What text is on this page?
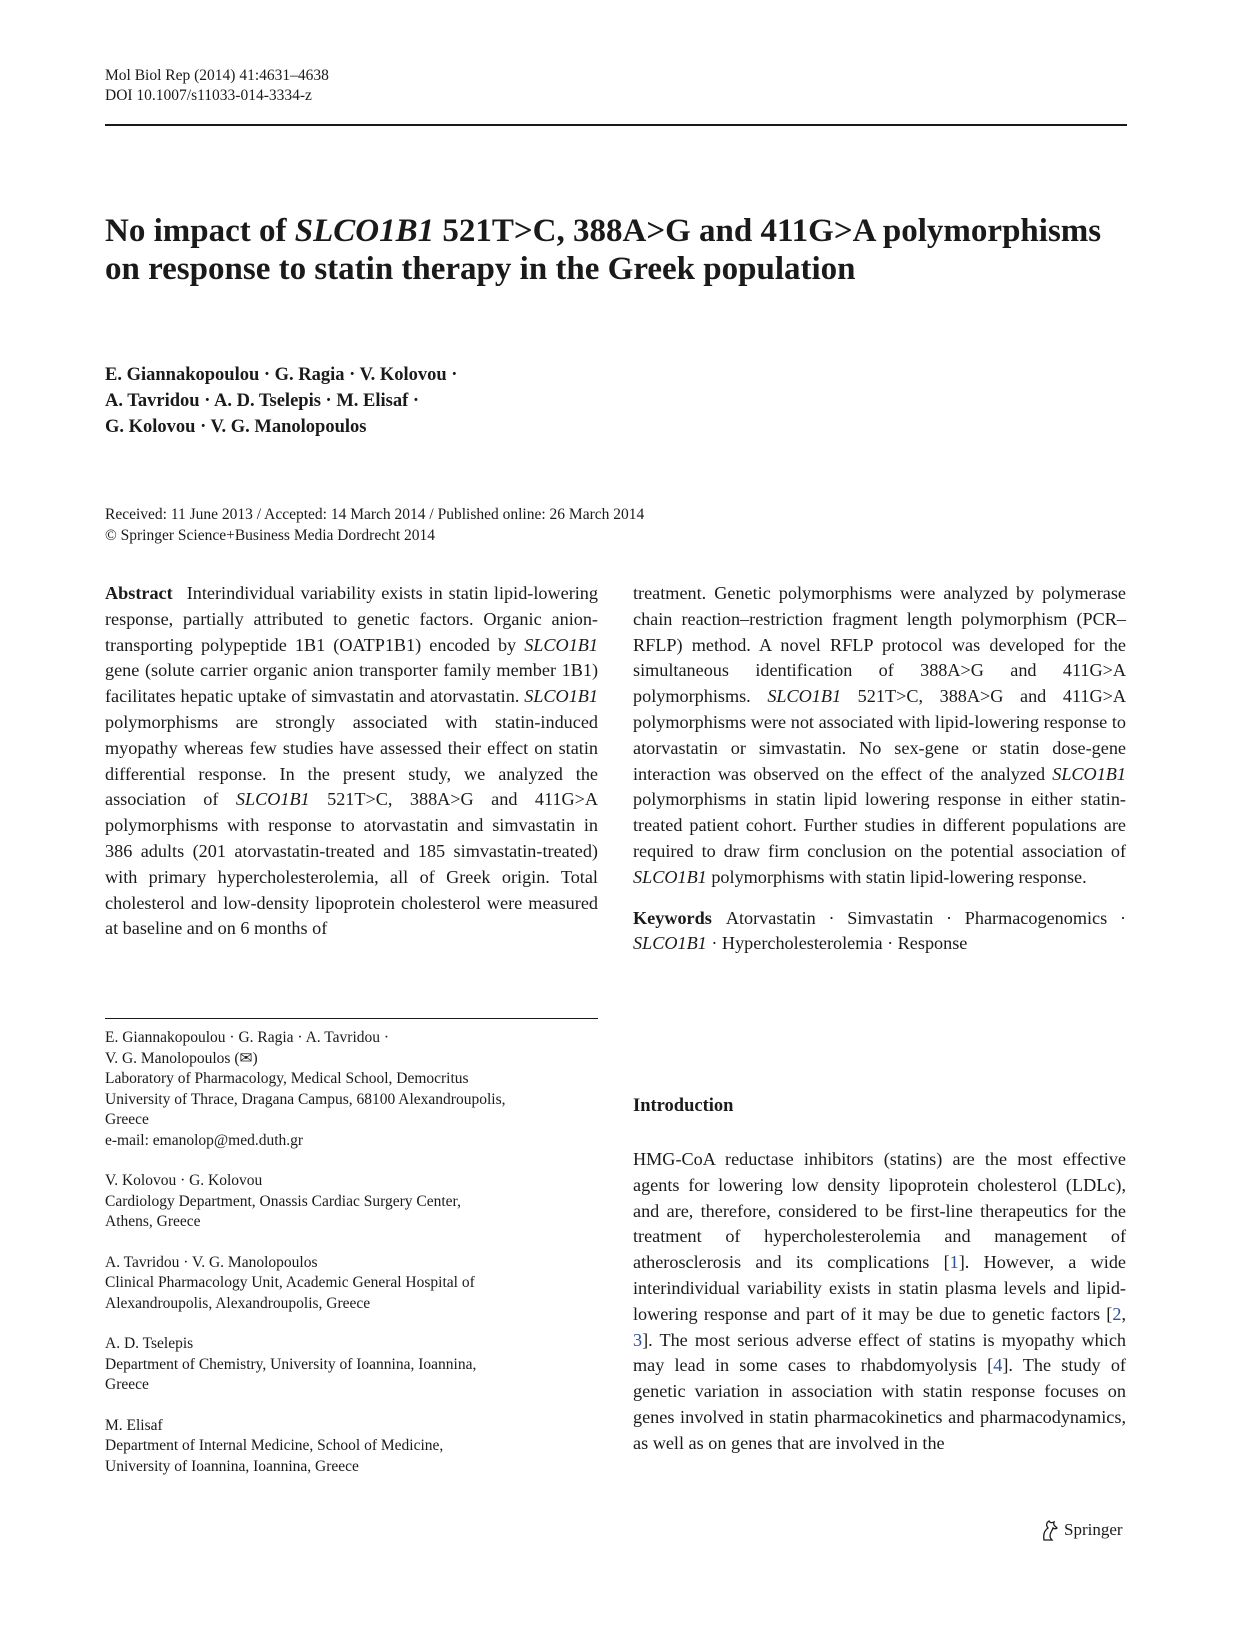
Mol Biol Rep (2014) 41:4631–4638
DOI 10.1007/s11033-014-3334-z
No impact of SLCO1B1 521T>C, 388A>G and 411G>A polymorphisms on response to statin therapy in the Greek population
E. Giannakopoulou · G. Ragia · V. Kolovou ·
A. Tavridou · A. D. Tselepis · M. Elisaf ·
G. Kolovou · V. G. Manolopoulos
Received: 11 June 2013 / Accepted: 14 March 2014 / Published online: 26 March 2014
© Springer Science+Business Media Dordrecht 2014

Abstract Interindividual variability exists in statin lipid-lowering response, partially attributed to genetic factors. Organic anion-transporting polypeptide 1B1 (OATP1B1) encoded by SLCO1B1 gene (solute carrier organic anion transporter family member 1B1) facilitates hepatic uptake of simvastatin and atorvastatin. SLCO1B1 polymorphisms are strongly associated with statin-induced myopathy whereas few studies have assessed their effect on statin differential response. In the present study, we analyzed the association of SLCO1B1 521T>C, 388A>G and 411G>A polymorphisms with response to atorvastatin and simvastatin in 386 adults (201 atorvastatin-treated and 185 simvastatin-treated) with primary hypercholesterolemia, all of Greek origin. Total cholesterol and low-density lipoprotein cholesterol were measured at baseline and on 6 months of

E. Giannakopoulou · G. Ragia · A. Tavridou ·
V. G. Manolopoulos (✉)
Laboratory of Pharmacology, Medical School, Democritus
University of Thrace, Dragana Campus, 68100 Alexandroupolis,
Greece
e-mail: emanolop@med.duth.gr
V. Kolovou · G. Kolovou
Cardiology Department, Onassis Cardiac Surgery Center,
Athens, Greece
A. Tavridou · V. G. Manolopoulos
Clinical Pharmacology Unit, Academic General Hospital of
Alexandroupolis, Alexandroupolis, Greece
A. D. Tselepis
Department of Chemistry, University of Ioannina, Ioannina,
Greece
M. Elisaf
Department of Internal Medicine, School of Medicine,
University of Ioannina, Ioannina, Greece

treatment. Genetic polymorphisms were analyzed by polymerase chain reaction–restriction fragment length polymorphism (PCR–RFLP) method. A novel RFLP protocol was developed for the simultaneous identification of 388A>G and 411G>A polymorphisms. SLCO1B1 521T>C, 388A>G and 411G>A polymorphisms were not associated with lipid-lowering response to atorvastatin or simvastatin. No sex-gene or statin dose-gene interaction was observed on the effect of the analyzed SLCO1B1 polymorphisms in statin lipid lowering response in either statin-treated patient cohort. Further studies in different populations are required to draw firm conclusion on the potential association of SLCO1B1 polymorphisms with statin lipid-lowering response.

Keywords Atorvastatin · Simvastatin · Pharmacogenomics · SLCO1B1 · Hypercholesterolemia · Response

Introduction

HMG-CoA reductase inhibitors (statins) are the most effective agents for lowering low density lipoprotein cholesterol (LDLc), and are, therefore, considered to be first-line therapeutics for the treatment of hypercholesterolemia and management of atherosclerosis and its complications [1]. However, a wide interindividual variability exists in statin plasma levels and lipid-lowering response and part of it may be due to genetic factors [2, 3]. The most serious adverse effect of statins is myopathy which may lead in some cases to rhabdomyolysis [4]. The study of genetic variation in association with statin response focuses on genes involved in statin pharmacokinetics and pharmacodynamics, as well as on genes that are involved in the

Springer
